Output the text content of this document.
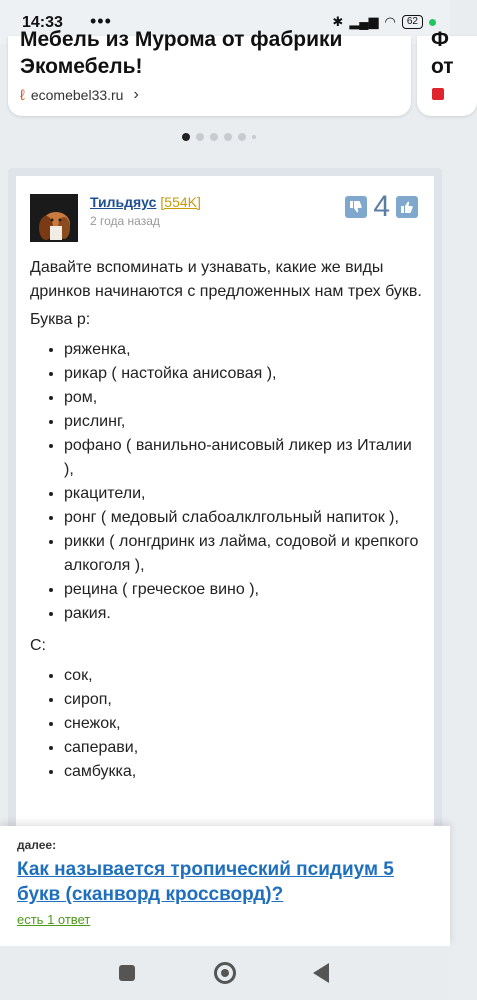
14:33 •••	✱ ▂▄▆ ◠	62
Мебель из Мурома от фабрики Экомебель!
ℓ ecomebel33.ru ›
Ф от
Тильдяус [554K]
2 года назад	4

Давайте вспоминать и узнавать, какие же виды дринков начинаются с предложенных нам трех букв.

Буква р:

• ряженка,
• рикар ( настойка анисовая ),
• ром,
• рислинг,
• рофано ( ванильно-анисовый ликер из Италии ),
• ркацители,
• ронг ( медовый слабоалклгольный напиток ),
• рикки ( лонгдринк из лайма, содовой и крепкого алкоголя ),
• рецина ( греческое вино ),
• ракия.

С:

• сок,
• сироп,
• снежок,
• саперави,
• самбукка,
далее:
Как называется тропический псидиум 5 букв (сканворд кроссворд)?
есть 1 ответ
